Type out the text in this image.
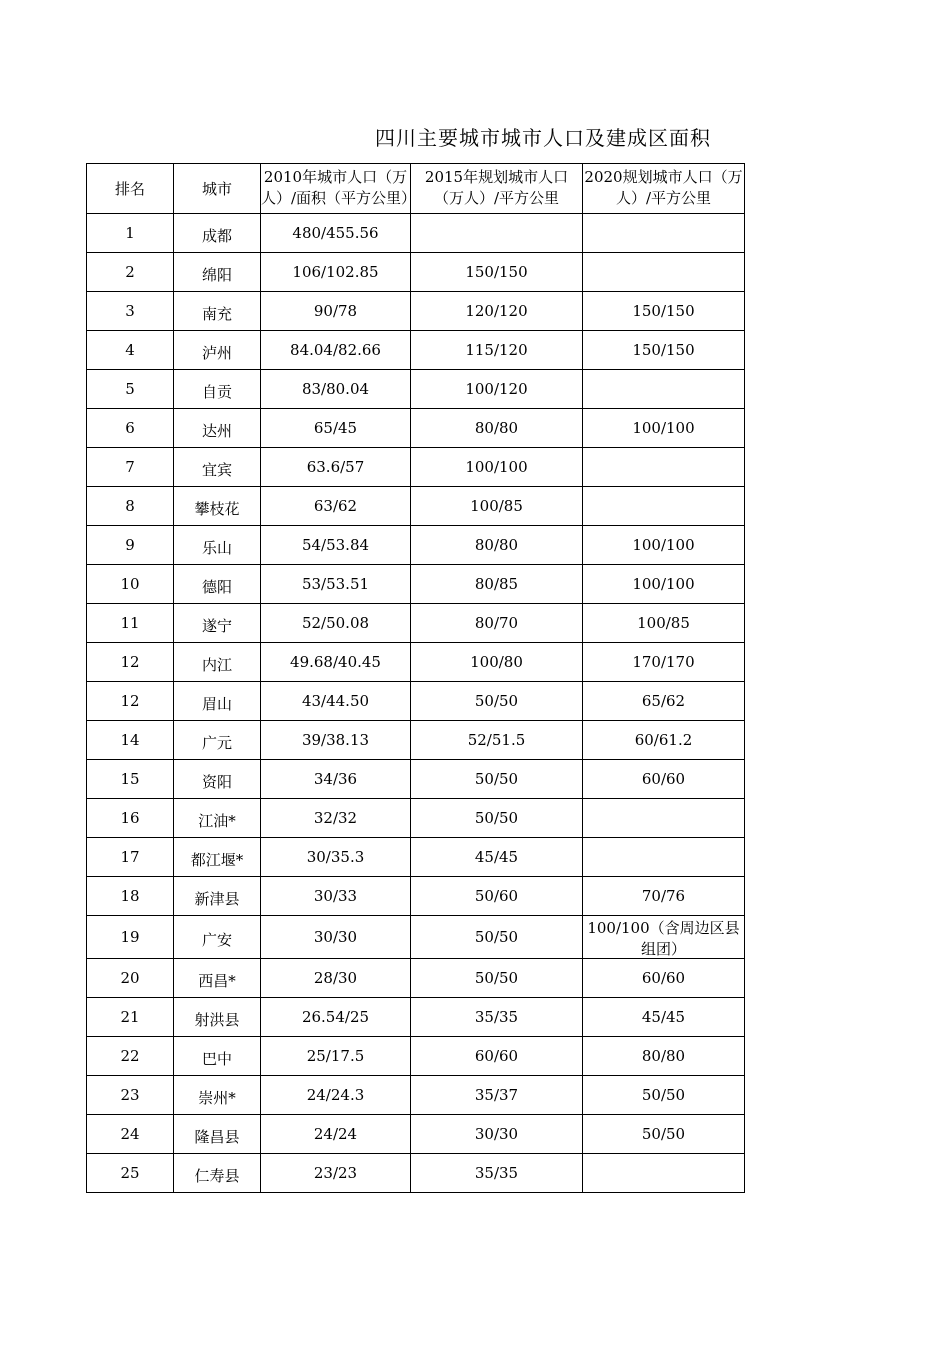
四川主要城市城市人口及建成区面积
排名	城市	2010年城市人口（万人）/面积（平方公里）	2015年规划城市人口（万人）/平方公里	2020规划城市人口（万人）/平方公里

1	成都	480/455.56		
2	绵阳	106/102.85	150/150	
3	南充	90/78	120/120	150/150
4	泸州	84.04/82.66	115/120	150/150
5	自贡	83/80.04	100/120	
6	达州	65/45	80/80	100/100
7	宜宾	63.6/57	100/100	
8	攀枝花	63/62	100/85	
9	乐山	54/53.84	80/80	100/100
10	德阳	53/53.51	80/85	100/100
11	遂宁	52/50.08	80/70	100/85
12	内江	49.68/40.45	100/80	170/170
12	眉山	43/44.50	50/50	65/62
14	广元	39/38.13	52/51.5	60/61.2
15	资阳	34/36	50/50	60/60
16	江油*	32/32	50/50	
17	都江堰*	30/35.3	45/45	
18	新津县	30/33	50/60	70/76
19	广安	30/30	50/50	100/100（含周边区县组团）

20	西昌*	28/30	50/50	60/60
21	射洪县	26.54/25	35/35	45/45
22	巴中	25/17.5	60/60	80/80
23	崇州*	24/24.3	35/37	50/50
24	隆昌县	24/24	30/30	50/50
25	仁寿县	23/23	35/35	
